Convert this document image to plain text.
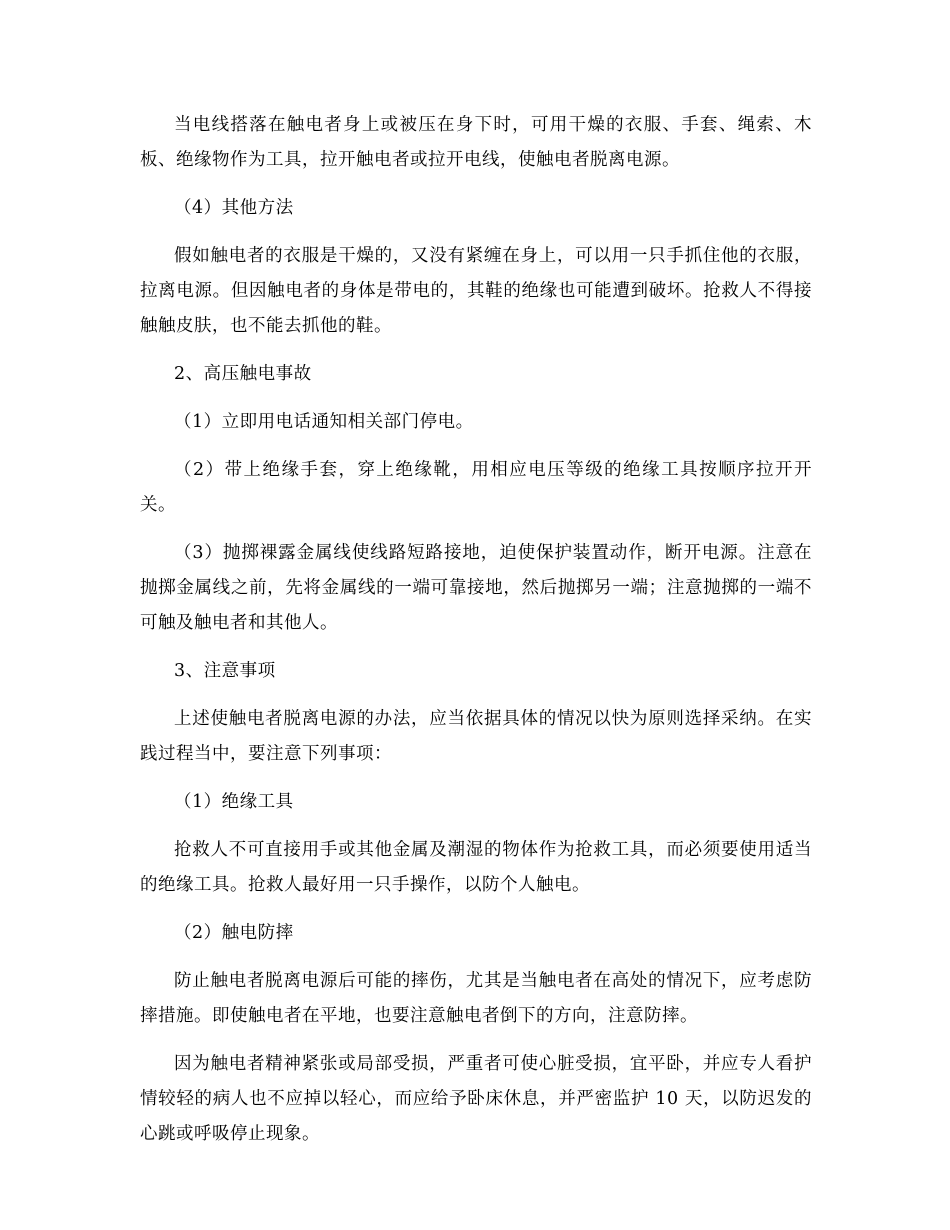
当电线搭落在触电者身上或被压在身下时，可用干燥的衣服、手套、绳索、木板、绝缘物作为工具，拉开触电者或拉开电线，使触电者脱离电源。

（4）其他方法

假如触电者的衣服是干燥的，又没有紧缠在身上，可以用一只手抓住他的衣服，拉离电源。但因触电者的身体是带电的，其鞋的绝缘也可能遭到破坏。抢救人不得接触触皮肤，也不能去抓他的鞋。

2、高压触电事故

（1）立即用电话通知相关部门停电。

（2）带上绝缘手套，穿上绝缘靴，用相应电压等级的绝缘工具按顺序拉开开关。

（3）抛掷裸露金属线使线路短路接地，迫使保护装置动作，断开电源。注意在抛掷金属线之前，先将金属线的一端可靠接地，然后抛掷另一端；注意抛掷的一端不可触及触电者和其他人。

3、注意事项

上述使触电者脱离电源的办法，应当依据具体的情况以快为原则选择采纳。在实践过程当中，要注意下列事项：

（1）绝缘工具

抢救人不可直接用手或其他金属及潮湿的物体作为抢救工具，而必须要使用适当的绝缘工具。抢救人最好用一只手操作，以防个人触电。

（2）触电防摔

防止触电者脱离电源后可能的摔伤，尤其是当触电者在高处的情况下，应考虑防摔措施。即使触电者在平地，也要注意触电者倒下的方向，注意防摔。

因为触电者精神紧张或局部受损，严重者可使心脏受损，宜平卧，并应专人看护情较轻的病人也不应掉以轻心，而应给予卧床休息，并严密监护 10 天，以防迟发的心跳或呼吸停止现象。
